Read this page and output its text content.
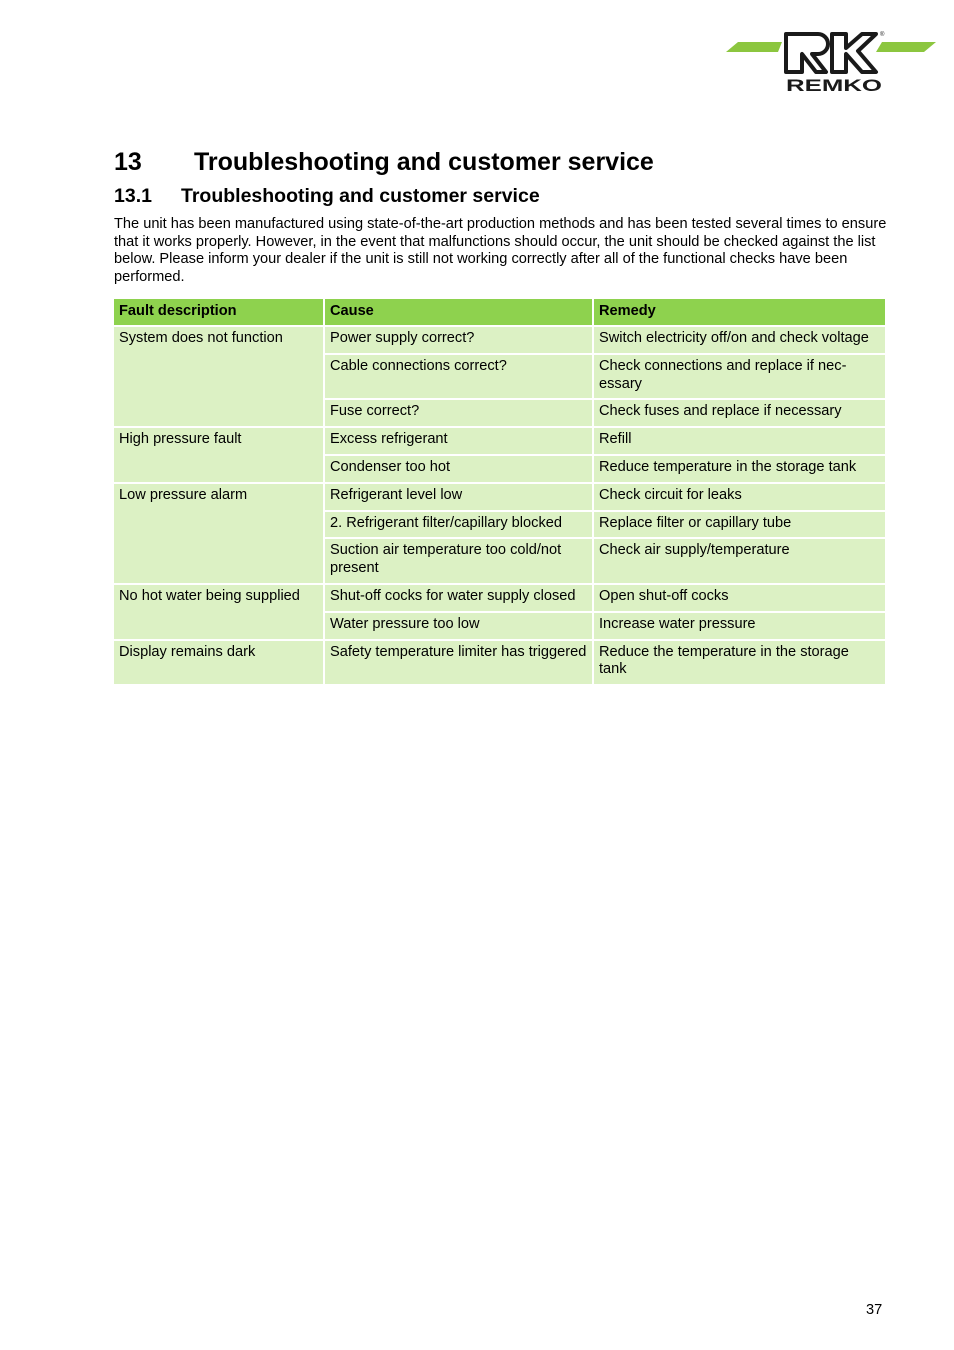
®
REMKO
13 Troubleshooting and customer service
13.1 Troubleshooting and customer service

The unit has been manufactured using state-of-the-art production methods and has been tested several times to ensure that it works properly. However, in the event that malfunctions should occur, the unit should be checked against the list below. Please inform your dealer if the unit is still not working correctly after all of the functional checks have been performed.

Fault description	Cause	Remedy
System does not function	Power supply correct?	Switch electricity off/on and check voltage
	Cable connections correct?	Check connections and replace if necessary
	Fuse correct?	Check fuses and replace if necessary
High pressure fault	Excess refrigerant	Refill
	Condenser too hot	Reduce temperature in the storage tank
Low pressure alarm	Refrigerant level low	Check circuit for leaks
	2. Refrigerant filter/capillary blocked	Replace filter or capillary tube
	Suction air temperature too cold/not present	Check air supply/temperature
No hot water being supplied	Shut-off cocks for water supply closed	Open shut-off cocks
	Water pressure too low	Increase water pressure
Display remains dark	Safety temperature limiter has triggered	Reduce the temperature in the storage tank
37
